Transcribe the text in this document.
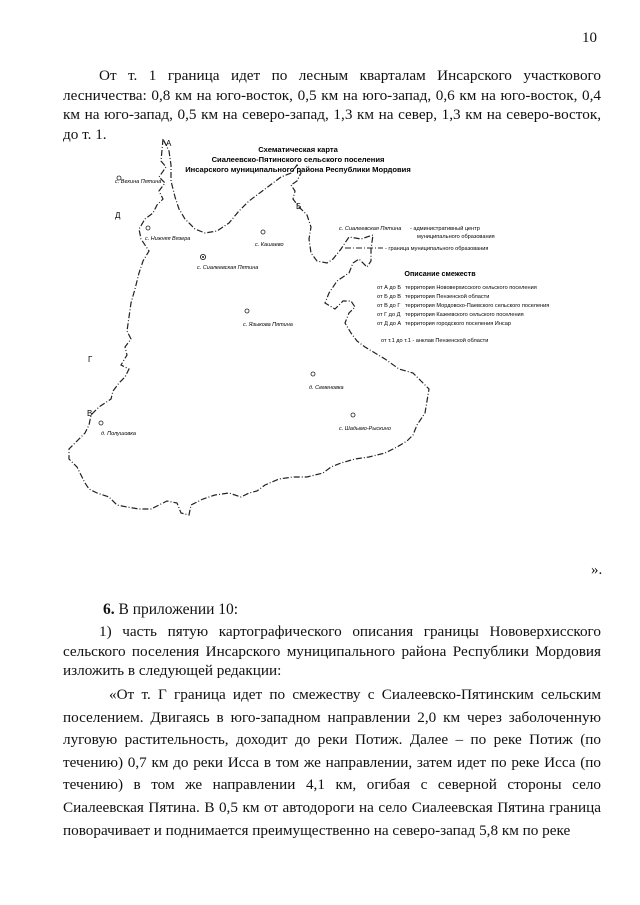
10

От т. 1 граница идет по лесным кварталам Инсарского участкового лесничества: 0,8 км на юго-восток, 0,5 км на юго-запад, 0,6 км на юго-восток, 0,4 км на юго-запад, 0,5 км на северо-запад, 1,3 км на север, 1,3 км на северо-восток, до т. 1.

А
Б
В
Г
Д
с. Вехина Пятина
с. Нижняя Вязера
с. Кашаево
с. Сиалеевская Пятина
с. Языкова Пятина
д. Семеновка
д. Полушовка
с. Шадымо-Рыскино
Схематическая карта
Сиалеевско-Пятинского сельского поселения
Инсарского муниципального района Республики Мордовия
с. Сиалеевская Пятина - административный центр
муниципального образования
- граница муниципального образования
Описание смежеств
от А до Б территория Нововерхисского сельского поселения
от Б до В территория Пензенской области
от В до Г территория Мордовско-Паевского сельского поселения
от Г до Д территория Казеевского сельского поселения
от Д до А территория городского поселения Инсар
от т.1 до т.1 - анклав Пензенской области
».
6. В приложении 10:

1) часть пятую картографического описания границы Нововерхисского сельского поселения Инсарского муниципального района Республики Мордовия изложить в следующей редакции:

«От т. Г граница идет по смежеству с Сиалеевско-Пятинским сельским поселением. Двигаясь в юго-западном направлении 2,0 км через заболоченную луговую растительность, доходит до реки Потиж. Далее – по реке Потиж (по течению) 0,7 км до реки Исса в том же направлении, затем идет по реке Исса (по течению) в том же направлении 4,1 км, огибая с северной стороны село Сиалеевская Пятина. В 0,5 км от автодороги на село Сиалеевская Пятина граница поворачивает и поднимается преимущественно на северо-запад 5,8 км по реке
